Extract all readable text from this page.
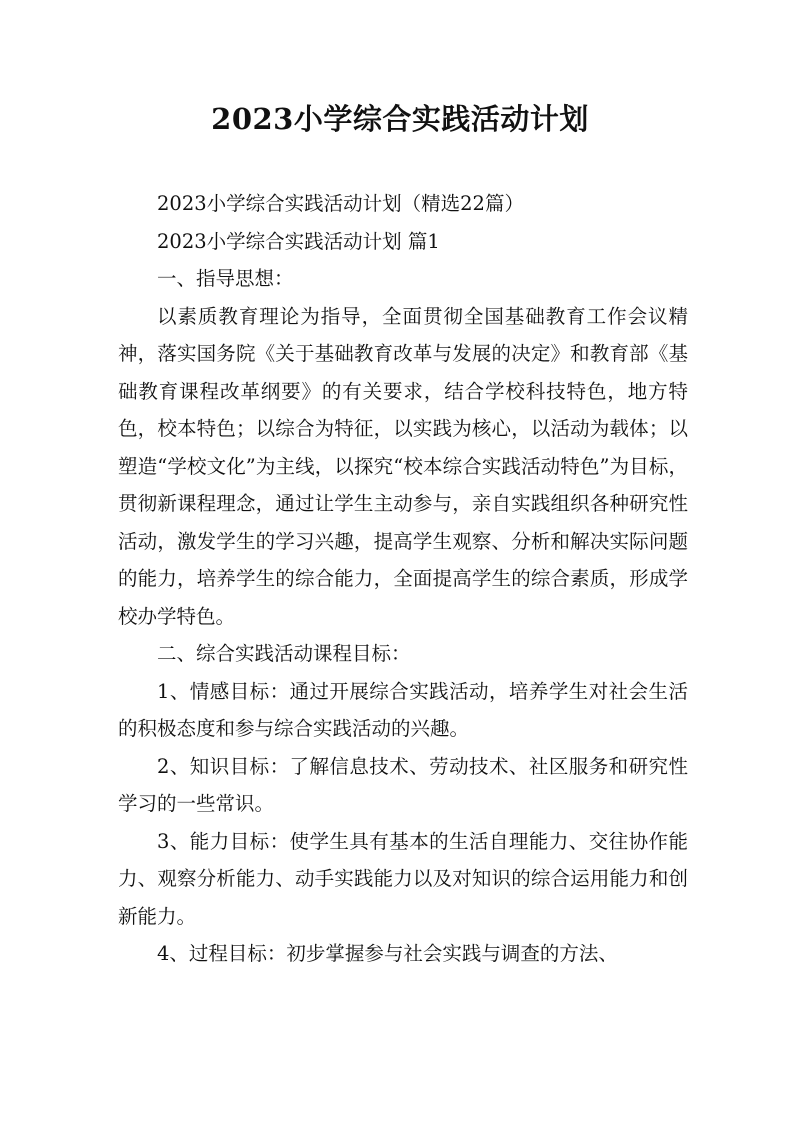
2023小学综合实践活动计划

2023小学综合实践活动计划（精选22篇）

2023小学综合实践活动计划 篇1

一、指导思想：

以素质教育理论为指导，全面贯彻全国基础教育工作会议精神，落实国务院《关于基础教育改革与发展的决定》和教育部《基础教育课程改革纲要》的有关要求，结合学校科技特色，地方特色，校本特色；以综合为特征，以实践为核心，以活动为载体；以塑造“学校文化”为主线，以探究“校本综合实践活动特色”为目标，贯彻新课程理念，通过让学生主动参与，亲自实践组织各种研究性活动，激发学生的学习兴趣，提高学生观察、分析和解决实际问题的能力，培养学生的综合能力，全面提高学生的综合素质，形成学校办学特色。

二、综合实践活动课程目标：

1、情感目标：通过开展综合实践活动，培养学生对社会生活的积极态度和参与综合实践活动的兴趣。

2、知识目标：了解信息技术、劳动技术、社区服务和研究性学习的一些常识。

3、能力目标：使学生具有基本的生活自理能力、交往协作能力、观察分析能力、动手实践能力以及对知识的综合运用能力和创新能力。

4、过程目标：初步掌握参与社会实践与调查的方法、
